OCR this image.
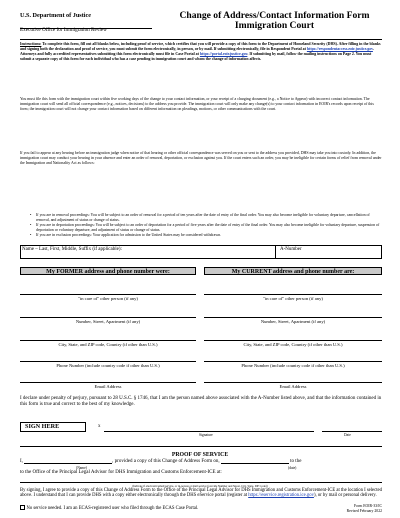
U.S. Department of Justice
Executive Office for Immigration Review
Change of Address/Contact Information Form
Immigration Court
Instructions: To complete this form, fill out all blanks below, including proof of service, which certifies that you will provide a copy of this form to the Department of Homeland Security (DHS). After filling in the blanks and signing both the declaration and proof of service, you must submit the form electronically, in person, or by mail. If submitting electronically, file in Respondent Portal at https://respondentaccess.eoir.justice.gov. Attorneys and fully accredited representatives submitting this form electronically must file in Case Portal at https://portal.eoir.justice.gov. If submitting by mail, follow the mailing instructions on Page 2. You must submit a separate copy of this form for each individual who has a case pending in immigration court and whom the change of information affects.
You must file this form with the immigration court within five working days of the change to your contact information, or your receipt of a charging document (e.g., a Notice to Appear) with incorrect contact information. The immigration court will send all official correspondence (e.g., notices, decisions) to the address you provide. The immigration court will only make any change(s) to your contact information in EOIR's records upon receipt of this form; the immigration court will not change your contact information based on different information on pleadings, motions, or other communications with the court.
If you fail to appear at any hearing before an immigration judge when notice of that hearing or other official correspondence was served on you or sent to the address you provided, DHS may take you into custody. In addition, the immigration court may conduct your hearing in your absence and enter an order of removal, deportation, or exclusion against you. If the court enters such an order, you may be ineligible for certain forms of relief from removal under the Immigration and Nationality Act as follows:
• If you are in removal proceedings: You will be subject to an order of removal for a period of ten years after the date of entry of the final order. You may also become ineligible for voluntary departure, cancellation of removal, and adjustment of status or change of status.
• If you are in deportation proceedings: You will be subject to an order of deportation for a period of five years after the date of entry of the final order. You may also become ineligible for voluntary departure, suspension of deportation or voluntary departure, and adjustment of status or change of status.
• If you are in exclusion proceedings: Your application for admission to the United States may be considered withdrawn.
Name – Last, First, Middle, Suffix (if applicable):	A-Number
My FORMER address and phone number were:
"in care of" other person (if any)
Number, Street, Apartment (if any)
City, State, and ZIP code, Country (if other than U.S.)
Phone Number (include country code if other than U.S.)
Email Address
My CURRENT address and phone number are:
"in care of" other person (if any)
Number, Street, Apartment (if any)
City, State, and ZIP code, Country (if other than U.S.)
Phone Number (include country code if other than U.S.)
Email Address
I declare under penalty of perjury, pursuant to 28 U.S.C. § 1746, that I am the person named above associated with the A-Number listed above, and that the information contained in this form is true and correct to the best of my knowledge.
SIGN HERE	x
Signature	Date
PROOF OF SERVICE
I,	, provided a copy of this Change of Address Form on,	to the
(Name)	(date)
to the Office of the Principal Legal Advisor for DHS Immigration and Customs Enforcement-ICE at:
(Indicate if electronic/email service, or in-person or mail service (provide Number and Street, City, State, ZIP Code))
By signing, I agree to provide a copy of this Change of Address Form to the Office of the Principal Legal Advisor for DHS Immigration and Customs Enforcement-ICE at the location I selected above. I understand that I can provide DHS with a copy either electronically through the DHS eService portal (register at https://eservice.registration.ice.gov), or by mail or personal delivery.
No service needed. I am an ECAS-registered user who filed through the ECAS Case Portal.	Form EOIR-33/IC
Revised February 2022
